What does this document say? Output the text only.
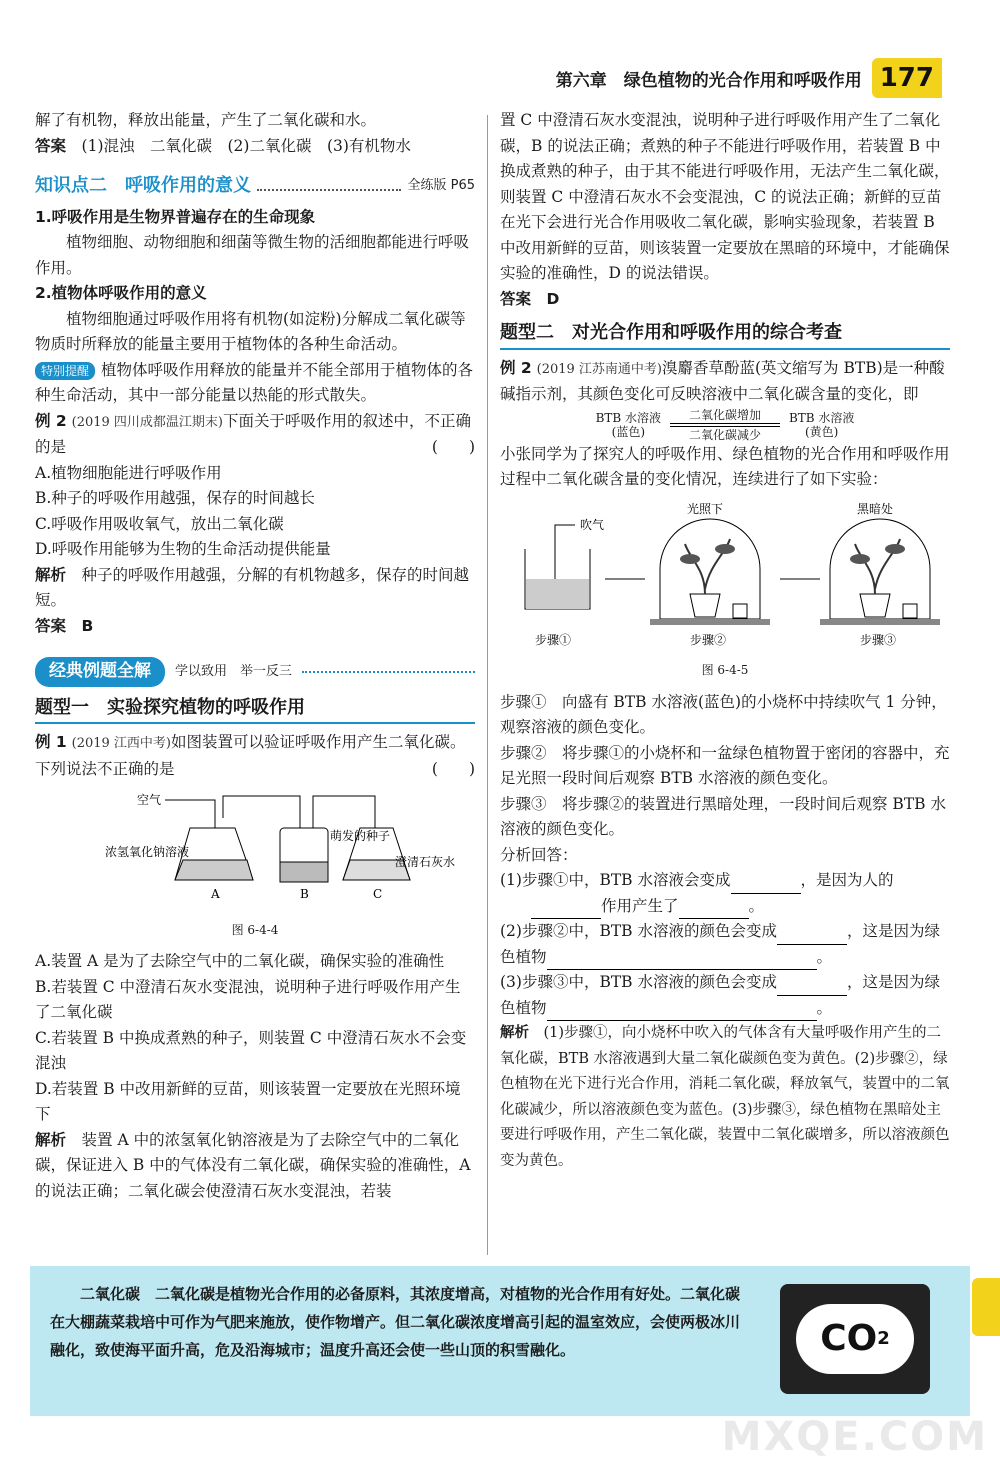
第六章　绿色植物的光合作用和呼吸作用 177

解了有机物，释放出能量，产生了二氧化碳和水。

答案　 (1)混浊　二氧化碳　(2)二氧化碳　(3)有机物水

知识点二　呼吸作用的意义	全练版 P65

1.呼吸作用是生物界普遍存在的生命现象

植物细胞、动物细胞和细菌等微生物的活细胞都能进行呼吸作用。

2.植物体呼吸作用的意义

植物细胞通过呼吸作用将有机物(如淀粉)分解成二氧化碳等物质时所释放的能量主要用于植物体的各种生命活动。

特别提醒 植物体呼吸作用释放的能量并不能全部用于植物体的各种生命活动，其中一部分能量以热能的形式散失。

例 2 (2019 四川成都温江期末)下面关于呼吸作用的叙述中，不正确的是	(　　)

A.植物细胞能进行呼吸作用

B.种子的呼吸作用越强，保存的时间越长

C.呼吸作用吸收氧气，放出二氧化碳

D.呼吸作用能够为生物的生命活动提供能量

解析　 种子的呼吸作用越强，分解的有机物越多，保存的时间越短。

答案　 B

经典例题全解	学以致用　举一反三
题型一　实验探究植物的呼吸作用

例 1 (2019 江西中考)如图装置可以验证呼吸作用产生二氧化碳。下列说法不正确的是	(　　)

空气
浓氢氧化钠溶液
萌发的种子
澄清石灰水
A	B	C
图 6-4-4

A.装置 A 是为了去除空气中的二氧化碳，确保实验的准确性

B.若装置 C 中澄清石灰水变混浊，说明种子进行呼吸作用产生了二氧化碳

C.若装置 B 中换成煮熟的种子，则装置 C 中澄清石灰水不会变混浊

D.若装置 B 中改用新鲜的豆苗，则该装置一定要放在光照环境下

解析　 装置 A 中的浓氢氧化钠溶液是为了去除空气中的二氧化碳，保证进入 B 中的气体没有二氧化碳，确保实验的准确性，A 的说法正确；二氧化碳会使澄清石灰水变混浊，若装

置 C 中澄清石灰水变混浊，说明种子进行呼吸作用产生了二氧化碳，B 的说法正确；煮熟的种子不能进行呼吸作用，若装置 B 中换成煮熟的种子，由于其不能进行呼吸作用，无法产生二氧化碳，则装置 C 中澄清石灰水不会变混浊，C 的说法正确；新鲜的豆苗在光下会进行光合作用吸收二氧化碳，影响实验现象，若装置 B 中改用新鲜的豆苗，则该装置一定要放在黑暗的环境中，才能确保实验的准确性，D 的说法错误。

答案　 D

题型二　对光合作用和呼吸作用的综合考查

例 2 (2019 江苏南通中考)溴麝香草酚蓝(英文缩写为 BTB)是一种酸碱指示剂，其颜色变化可反映溶液中二氧化碳含量的变化，即

BTB 水溶液
(蓝色)

二氧化碳增加
二氧化碳减少

BTB 水溶液
(黄色)

小张同学为了探究人的呼吸作用、绿色植物的光合作用和呼吸作用过程中二氧化碳含量的变化情况，连续进行了如下实验：

吹气
光照下	黑暗处
步骤①	步骤②	步骤③
图 6-4-5

步骤①　向盛有 BTB 水溶液(蓝色)的小烧杯中持续吹气 1 分钟，观察溶液的颜色变化。

步骤②　将步骤①的小烧杯和一盆绿色植物置于密闭的容器中，充足光照一段时间后观察 BTB 水溶液的颜色变化。

步骤③　将步骤②的装置进行黑暗处理，一段时间后观察 BTB 水溶液的颜色变化。

分析回答：

(1)步骤①中，BTB 水溶液会变成	，是因为人的
　　作用产生了	。

(2)步骤②中，BTB 水溶液的颜色会变成	，这是因为绿色植物	。

(3)步骤③中，BTB 水溶液的颜色会变成	，这是因为绿色植物	。

解析　 (1)步骤①，向小烧杯中吹入的气体含有大量呼吸作用产生的二氧化碳，BTB 水溶液遇到大量二氧化碳颜色变为黄色。(2)步骤②，绿色植物在光下进行光合作用，消耗二氧化碳，释放氧气，装置中的二氧化碳减少，所以溶液颜色变为蓝色。(3)步骤③，绿色植物在黑暗处主要进行呼吸作用，产生二氧化碳，装置中二氧化碳增多，所以溶液颜色变为黄色。

二氧化碳　 二氧化碳是植物光合作用的必备原料，其浓度增高，对植物的光合作用有好处。二氧化碳在大棚蔬菜栽培中可作为气肥来施放，使作物增产。但二氧化碳浓度增高引起的温室效应，会使两极冰川融化，致使海平面升高，危及沿海城市；温度升高还会使一些山顶的积雪融化。	CO 2
MXQE.COM
